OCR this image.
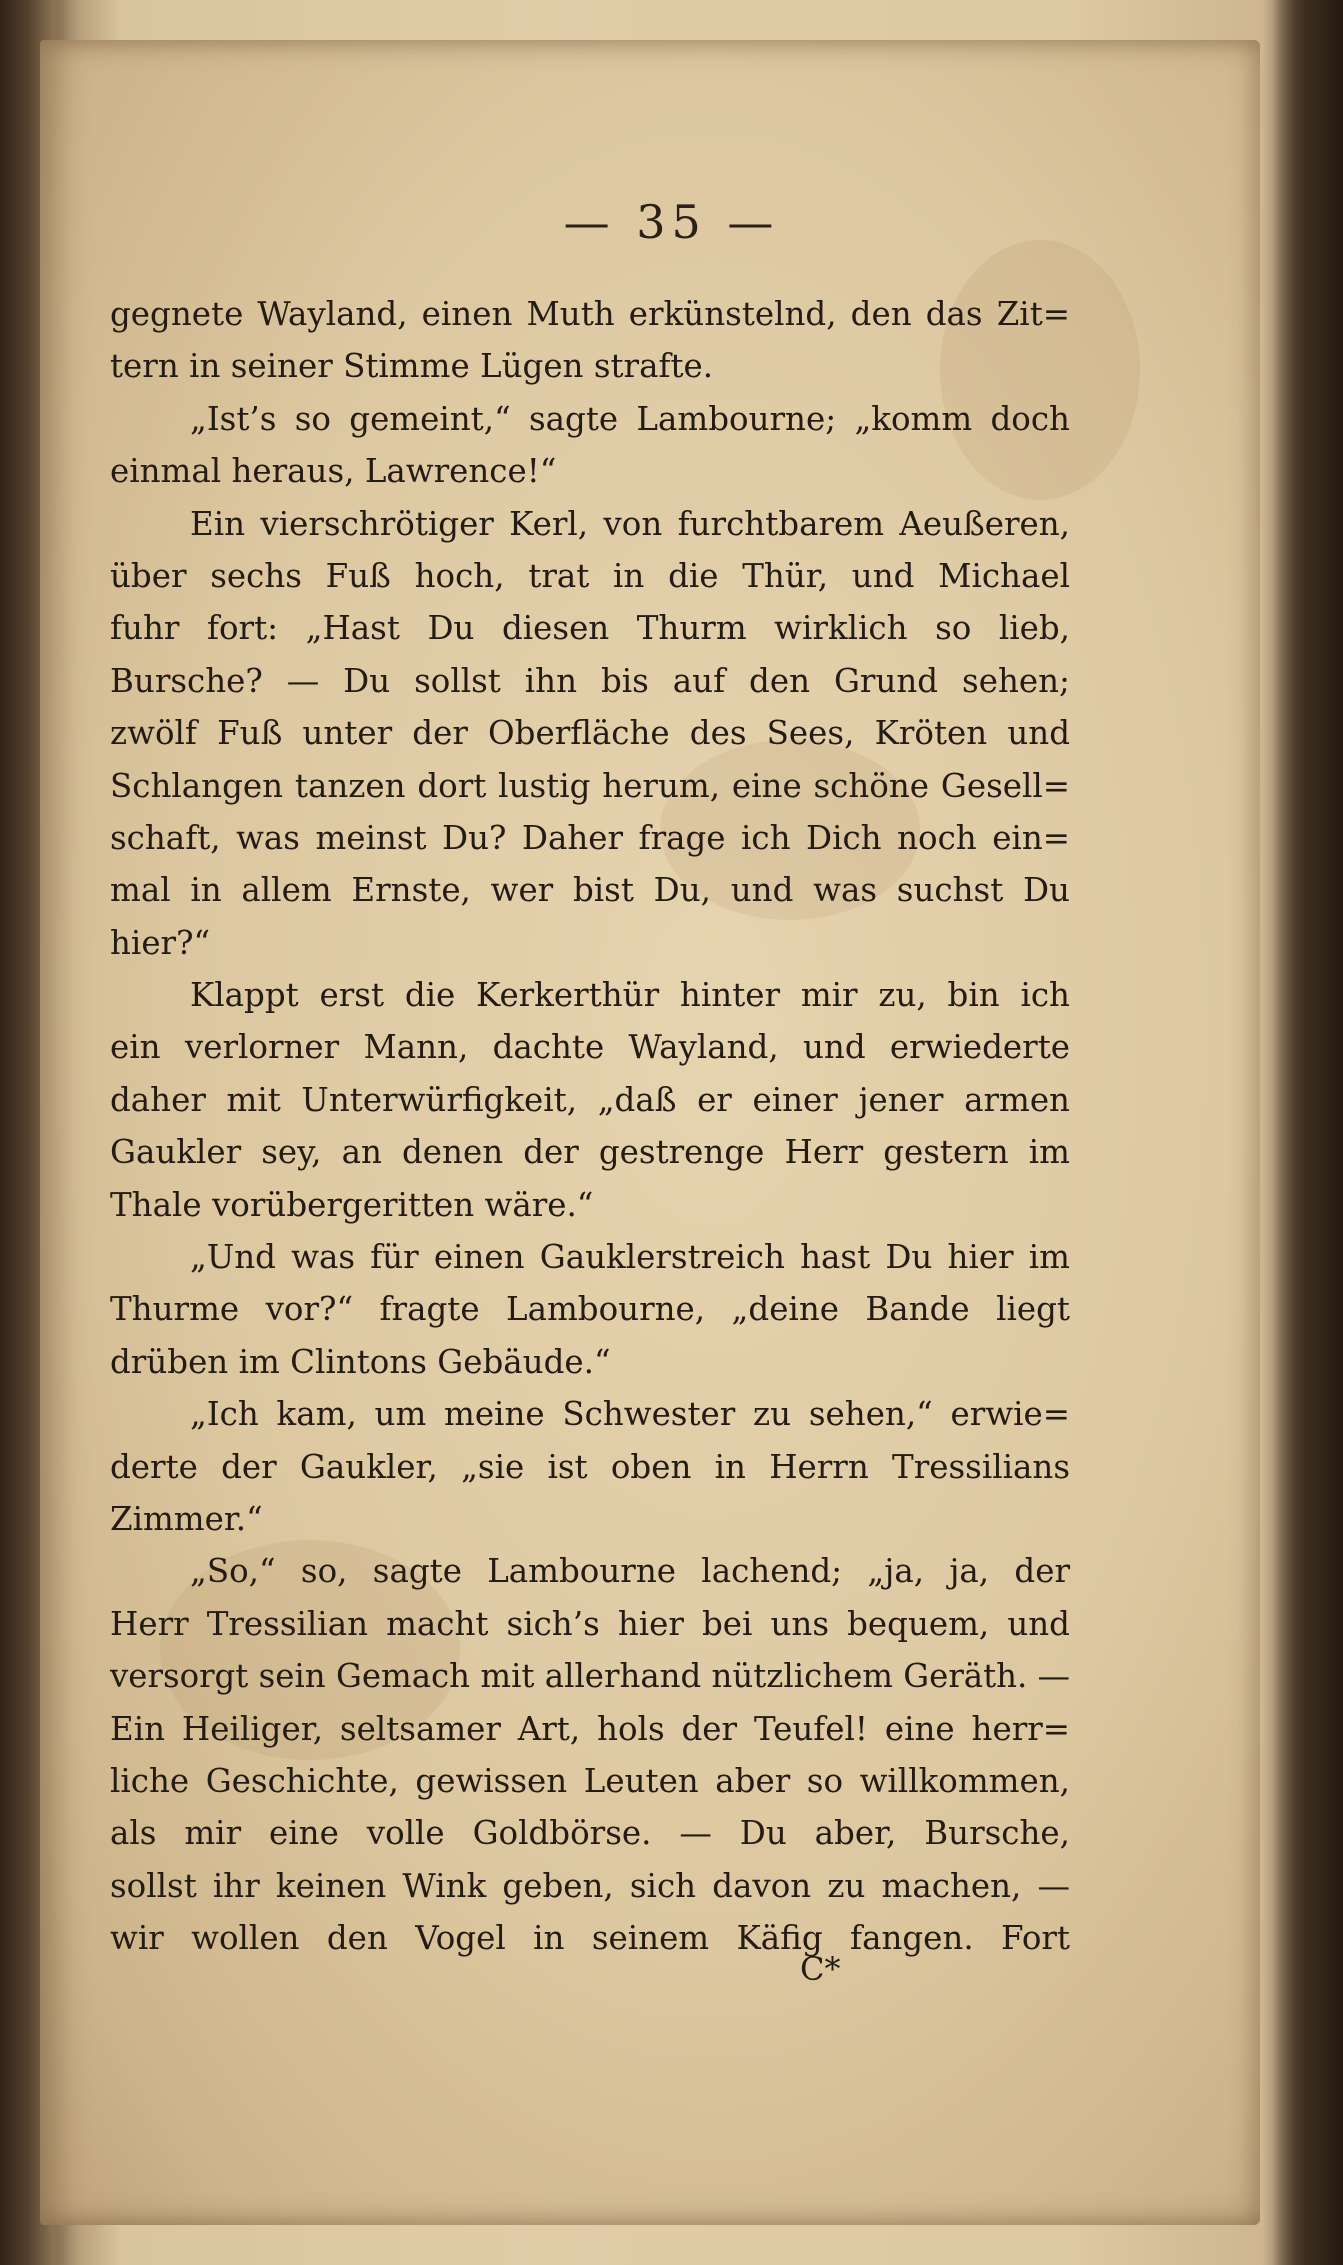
— 35 —
gegnete Wayland, einen Muth erkünstelnd, den das Zit=
tern in seiner Stimme Lügen strafte.
„Ist’s so gemeint,“ sagte Lambourne; „komm doch
einmal heraus, Lawrence!“
Ein vierschrötiger Kerl, von furchtbarem Aeußeren,
über sechs Fuß hoch, trat in die Thür, und Michael
fuhr fort: „Hast Du diesen Thurm wirklich so lieb,
Bursche? — Du sollst ihn bis auf den Grund sehen;
zwölf Fuß unter der Oberfläche des Sees, Kröten und
Schlangen tanzen dort lustig herum, eine schöne Gesell=
schaft, was meinst Du? Daher frage ich Dich noch ein=
mal in allem Ernste, wer bist Du, und was suchst Du
hier?“
Klappt erst die Kerkerthür hinter mir zu, bin ich
ein verlorner Mann, dachte Wayland, und erwiederte
daher mit Unterwürfigkeit, „daß er einer jener armen
Gaukler sey, an denen der gestrenge Herr gestern im
Thale vorübergeritten wäre.“
„Und was für einen Gauklerstreich hast Du hier im
Thurme vor?“ fragte Lambourne, „deine Bande liegt
drüben im Clintons Gebäude.“
„Ich kam, um meine Schwester zu sehen,“ erwie=
derte der Gaukler, „sie ist oben in Herrn Tressilians
Zimmer.“
„So,“ so, sagte Lambourne lachend; „ja, ja, der
Herr Tressilian macht sich’s hier bei uns bequem, und
versorgt sein Gemach mit allerhand nützlichem Geräth. —
Ein Heiliger, seltsamer Art, hols der Teufel! eine herr=
liche Geschichte, gewissen Leuten aber so willkommen,
als mir eine volle Goldbörse. — Du aber, Bursche,
sollst ihr keinen Wink geben, sich davon zu machen, —
wir wollen den Vogel in seinem Käfig fangen. Fort
C*
